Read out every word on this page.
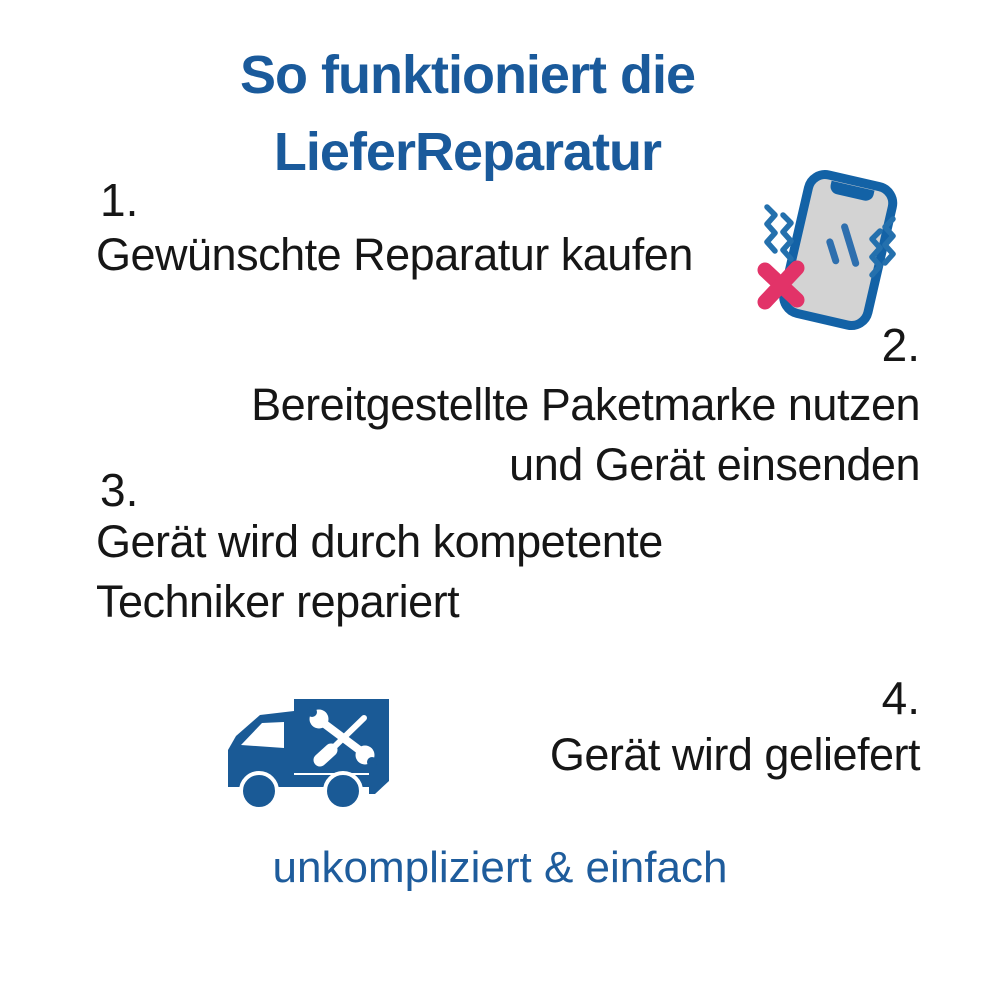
So funktioniert die
LieferReparatur
1.
Gewünschte Reparatur kaufen
2.
Bereitgestellte Paketmarke nutzen
und Gerät einsenden
3.
Gerät wird durch kompetente
Techniker repariert
4.
Gerät wird geliefert
unkompliziert & einfach
